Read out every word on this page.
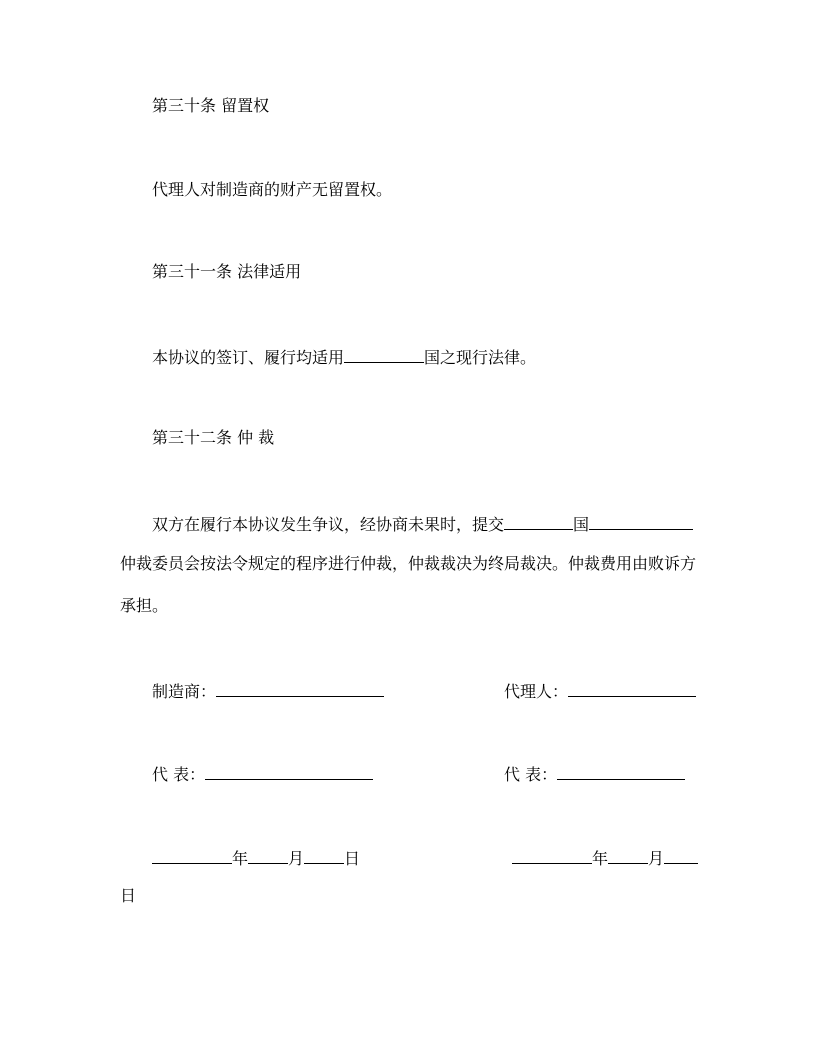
第三十条 留置权
代理人对制造商的财产无留置权。
第三十一条 法律适用
本协议的签订、履行均适用	国之现行法律。
第三十二条 仲 裁
双方在履行本协议发生争议，经协商未果时，提交	国
仲裁委员会按法令规定的程序进行仲裁，仲裁裁决为终局裁决。仲裁费用由败诉方
承担。
制造商：	代理人：
代 表：	代 表：
年	月	日	年	月
日
